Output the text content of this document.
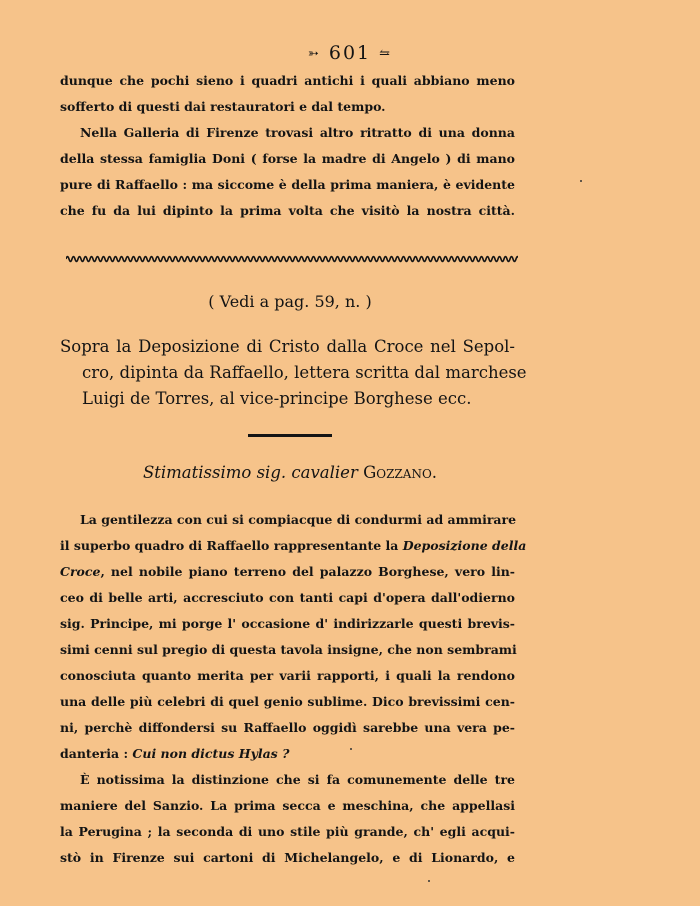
➳ 601 ⥦
dunque che pochi sieno i quadri antichi i quali abbiano meno
sofferto di questi dai restauratori e dal tempo.
Nella Galleria di Firenze trovasi altro ritratto di una donna
della stessa famiglia Doni ( forse la madre di Angelo ) di mano
pure di Raffaello : ma siccome è della prima maniera, è evidente
che fu da lui dipinto la prima volta che visitò la nostra città.
( Vedi a pag. 59, n. )
Sopra la Deposizione di Cristo dalla Croce nel Sepol-
cro, dipinta da Raffaello, lettera scritta dal marchese
Luigi de Torres, al vice-principe Borghese ecc.
Stimatissimo sig. cavalier Gozzano.
La gentilezza con cui si compiacque di condurmi ad ammirare
il superbo quadro di Raffaello rappresentante la Deposizione della
Croce, nel nobile piano terreno del palazzo Borghese, vero lin-
ceo di belle arti, accresciuto con tanti capi d'opera dall'odierno
sig. Principe, mi porge l' occasione d' indirizzarle questi brevis-
simi cenni sul pregio di questa tavola insigne, che non sembrami
conosciuta quanto merita per varii rapporti, i quali la rendono
una delle più celebri di quel genio sublime. Dico brevissimi cen-
ni, perchè diffondersi su Raffaello oggidì sarebbe una vera pe-
danteria : Cui non dictus Hylas ?
È notissima la distinzione che si fa comunemente delle tre
maniere del Sanzio. La prima secca e meschina, che appellasi
la Perugina ; la seconda di uno stile più grande, ch' egli acqui-
stò in Firenze sui cartoni di Michelangelo, e di Lionardo, e
